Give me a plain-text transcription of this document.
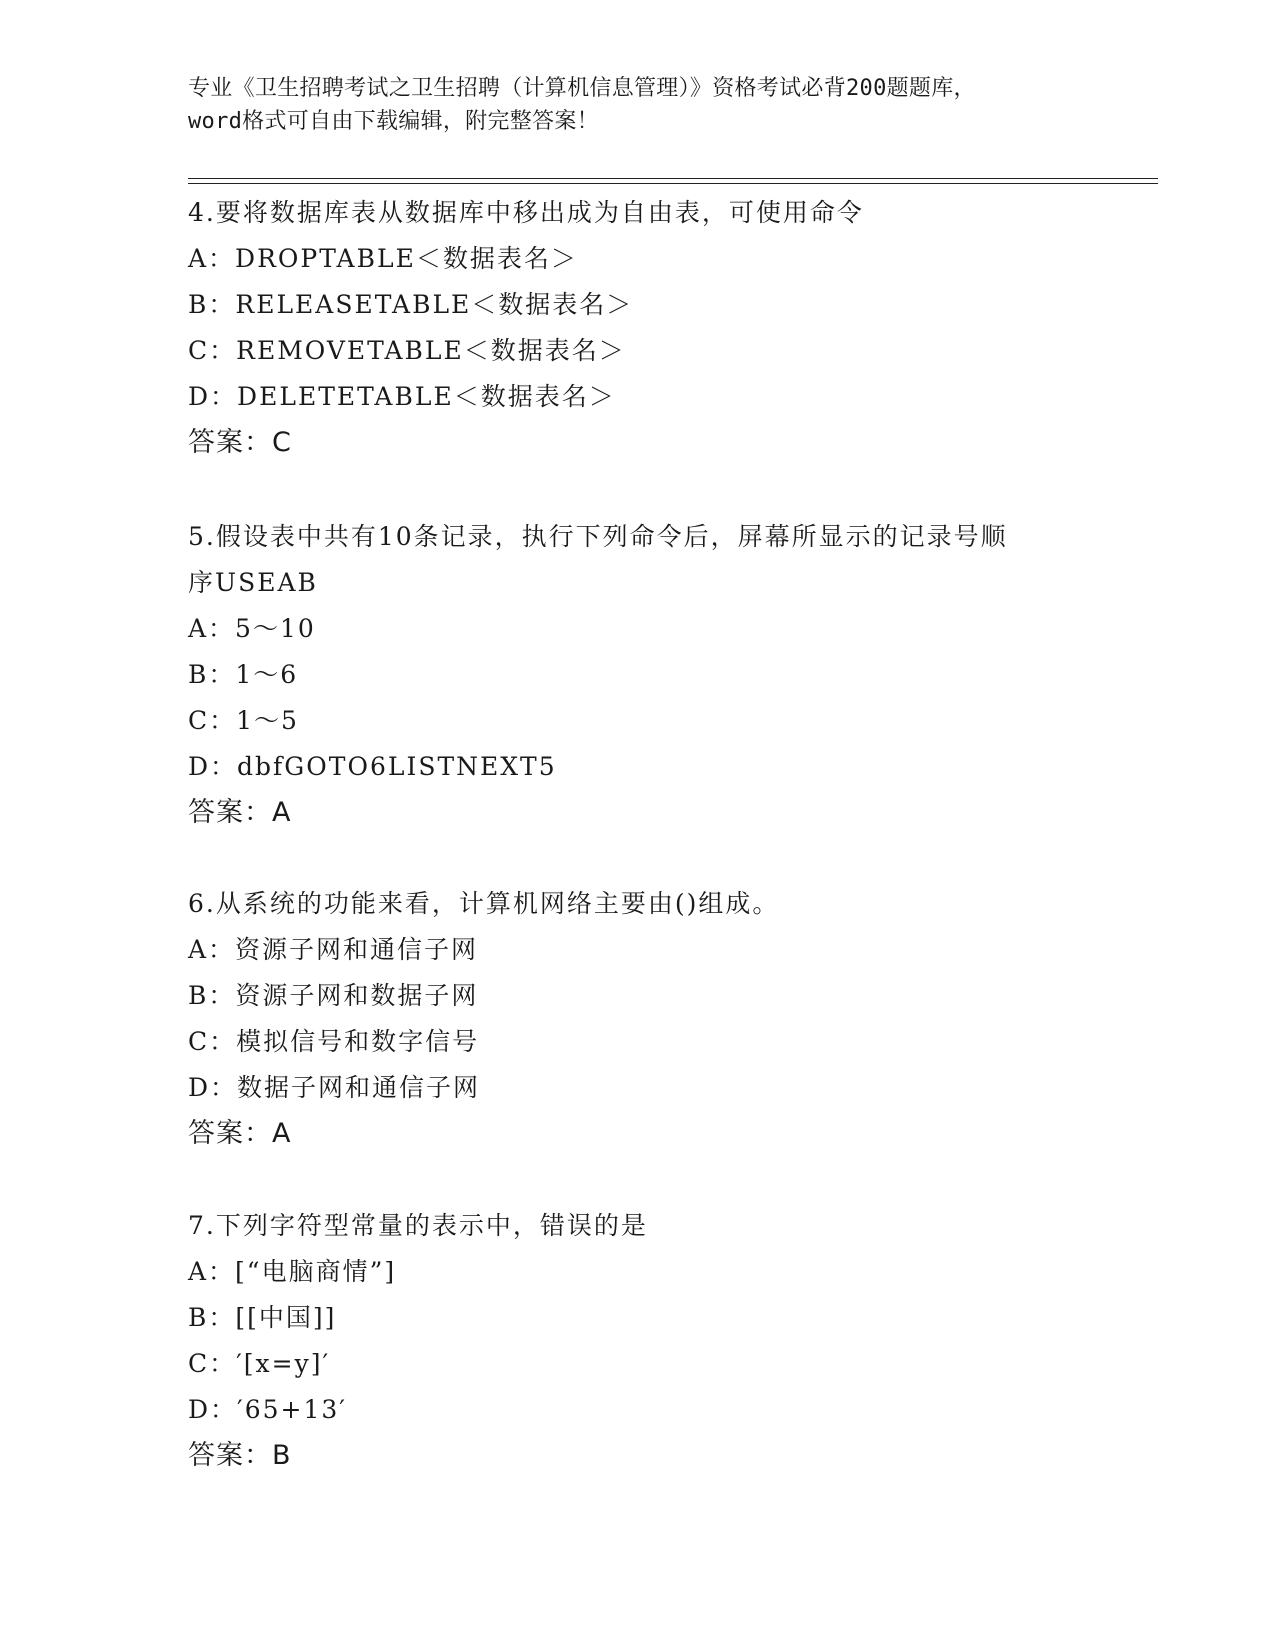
专业《卫生招聘考试之卫生招聘（计算机信息管理）》资格考试必背200题题库，
word格式可自由下载编辑，附完整答案！
4.要将数据库表从数据库中移出成为自由表，可使用命令
A：DROPTABLE＜数据表名＞
B：RELEASETABLE＜数据表名＞
C：REMOVETABLE＜数据表名＞
D：DELETETABLE＜数据表名＞
答案：C
5.假设表中共有10条记录，执行下列命令后，屏幕所显示的记录号顺
序USEAB
A：5～10
B：1～6
C：1～5
D：dbfGOTO6LISTNEXT5
答案：A
6.从系统的功能来看，计算机网络主要由()组成。
A：资源子网和通信子网
B：资源子网和数据子网
C：模拟信号和数字信号
D：数据子网和通信子网
答案：A
7.下列字符型常量的表示中，错误的是
A：[“电脑商情”]
B：[[中国]]
C：′[x=y]′
D：′65+13′
答案：B
